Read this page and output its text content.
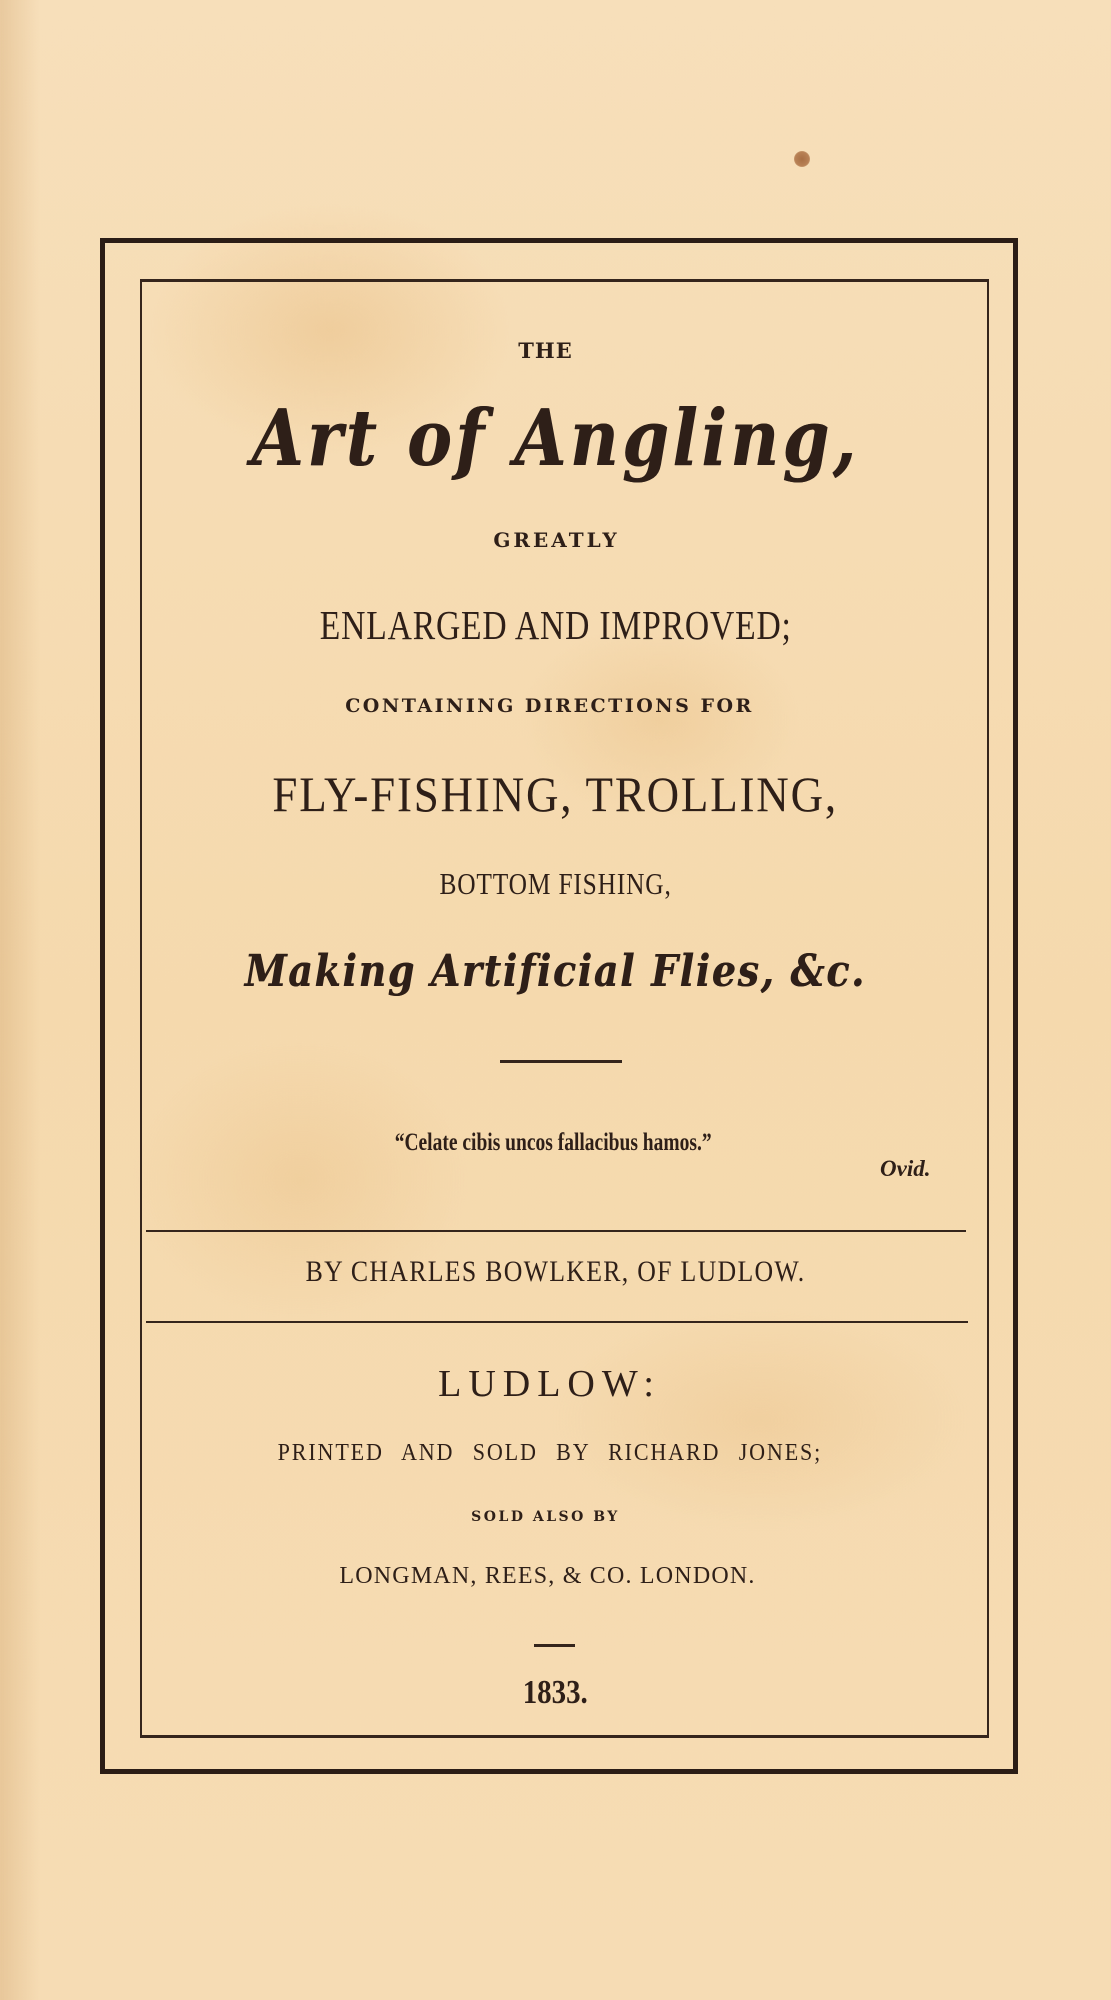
THE
Art of Angling,
GREATLY
ENLARGED AND IMPROVED;
CONTAINING DIRECTIONS FOR
FLY-FISHING, TROLLING,
BOTTOM FISHING,
Making Artificial Flies, &c.
“Celate cibis uncos fallacibus hamos.”
Ovid.
BY CHARLES BOWLKER, OF LUDLOW.
LUDLOW:
PRINTED AND SOLD BY RICHARD JONES;
SOLD ALSO BY
LONGMAN, REES, & CO. LONDON.
1833.
